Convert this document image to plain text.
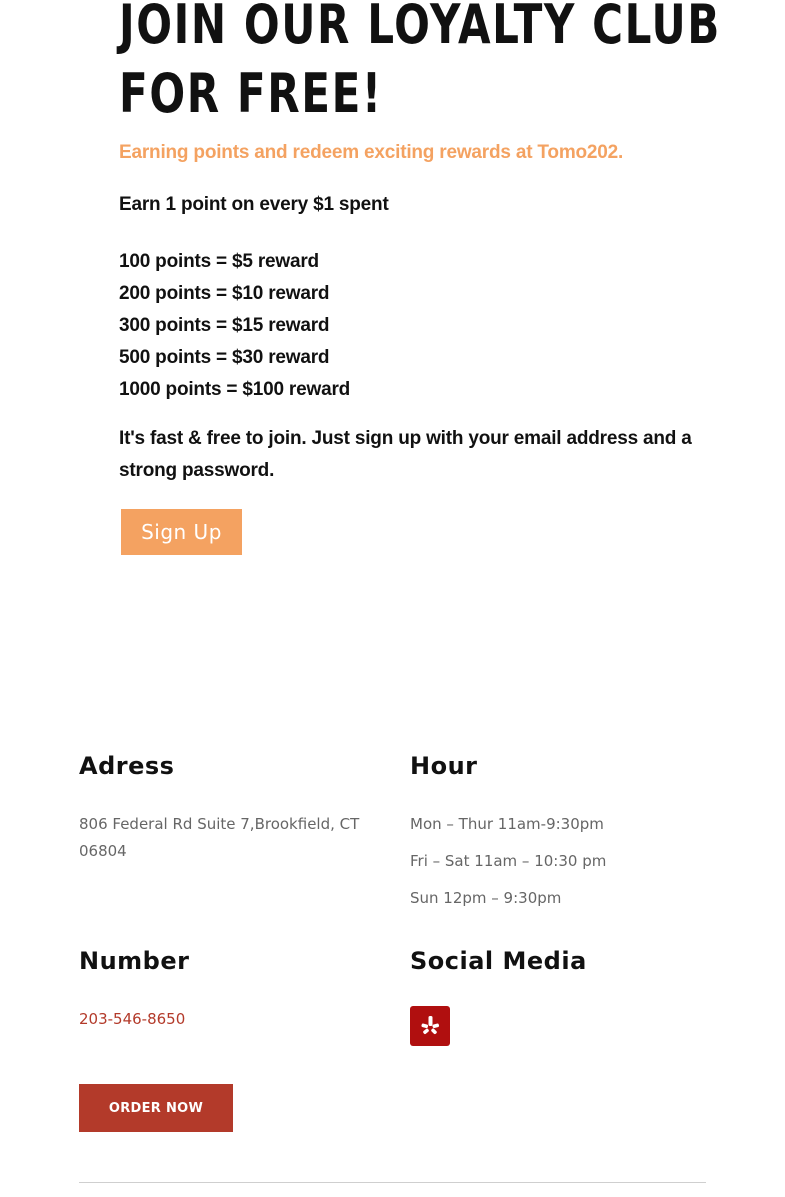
JOIN OUR LOYALTY CLUB
FOR FREE!

Earning points and redeem exciting rewards at Tomo202.

Earn 1 point on every $1 spent

100 points = $5 reward
200 points = $10 reward
300 points = $15 reward
500 points = $30 reward
1000 points = $100 reward

It's fast & free to join. Just sign up with your email address and a strong password.

Sign Up
Adress

806 Federal Rd Suite 7,Brookfield, CT 06804

Hour
Mon – Thur 11am-9:30pm
Fri – Sat 11am – 10:30 pm
Sun 12pm – 9:30pm
Number
203-546-8650
Social Media
ORDER NOW
